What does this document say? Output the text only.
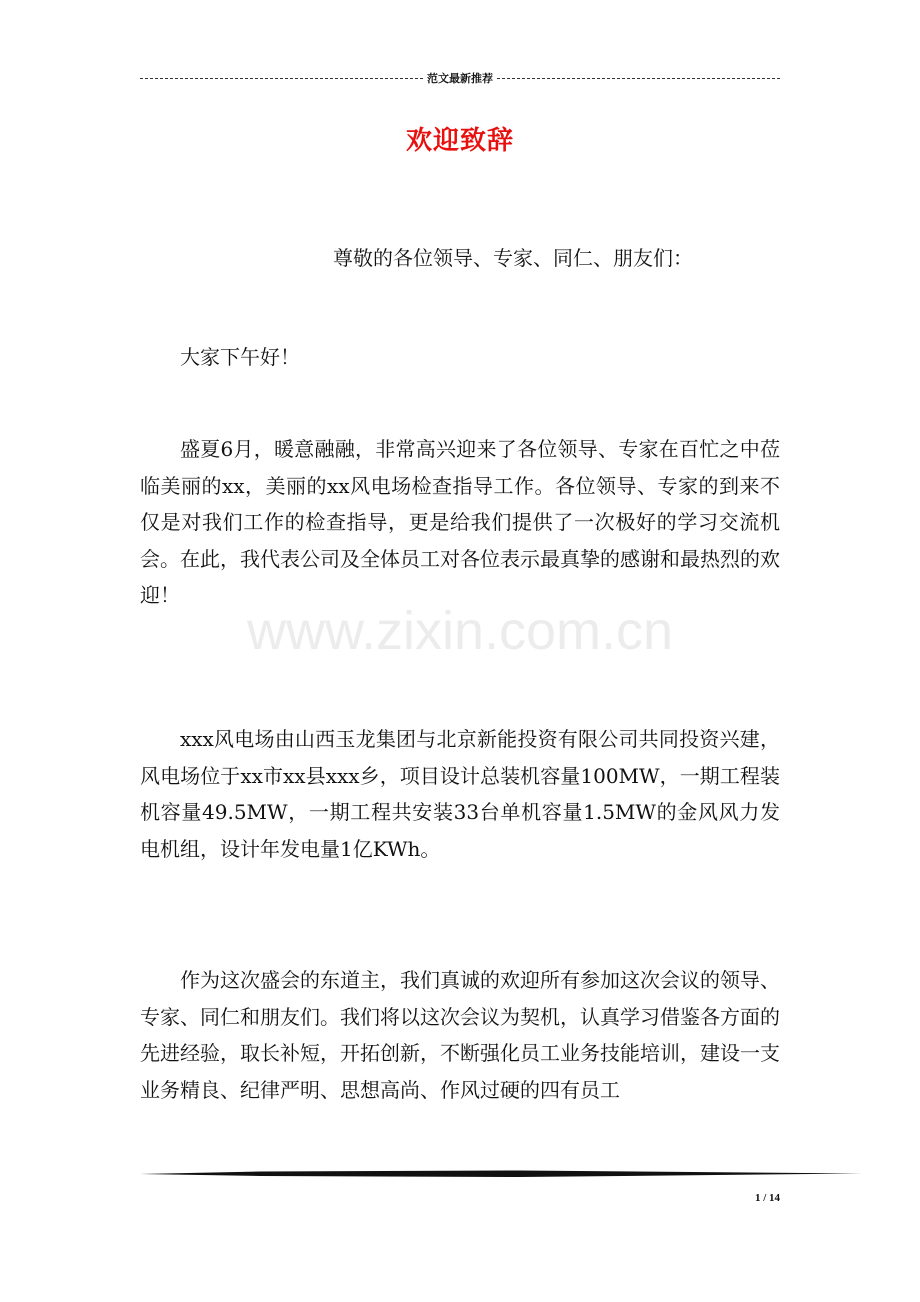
范文最新推荐
欢迎致辞
尊敬的各位领导、专家、同仁、朋友们：

大家下午好！

盛夏6月，暖意融融，非常高兴迎来了各位领导、专家在百忙之中莅临美丽的xx，美丽的xx风电场检查指导工作。各位领导、专家的到来不仅是对我们工作的检查指导，更是给我们提供了一次极好的学习交流机会。在此，我代表公司及全体员工对各位表示最真挚的感谢和最热烈的欢迎！

www.zixin.com.cn

xxx风电场由山西玉龙集团与北京新能投资有限公司共同投资兴建，风电场位于xx市xx县xxx乡，项目设计总装机容量100MW，一期工程装机容量49.5MW，一期工程共安装33台单机容量1.5MW的金风风力发电机组，设计年发电量1亿KWh。

作为这次盛会的东道主，我们真诚的欢迎所有参加这次会议的领导、专家、同仁和朋友们。我们将以这次会议为契机，认真学习借鉴各方面的先进经验，取长补短，开拓创新，不断强化员工业务技能培训，建设一支业务精良、纪律严明、思想高尚、作风过硬的四有员工

1 / 14
